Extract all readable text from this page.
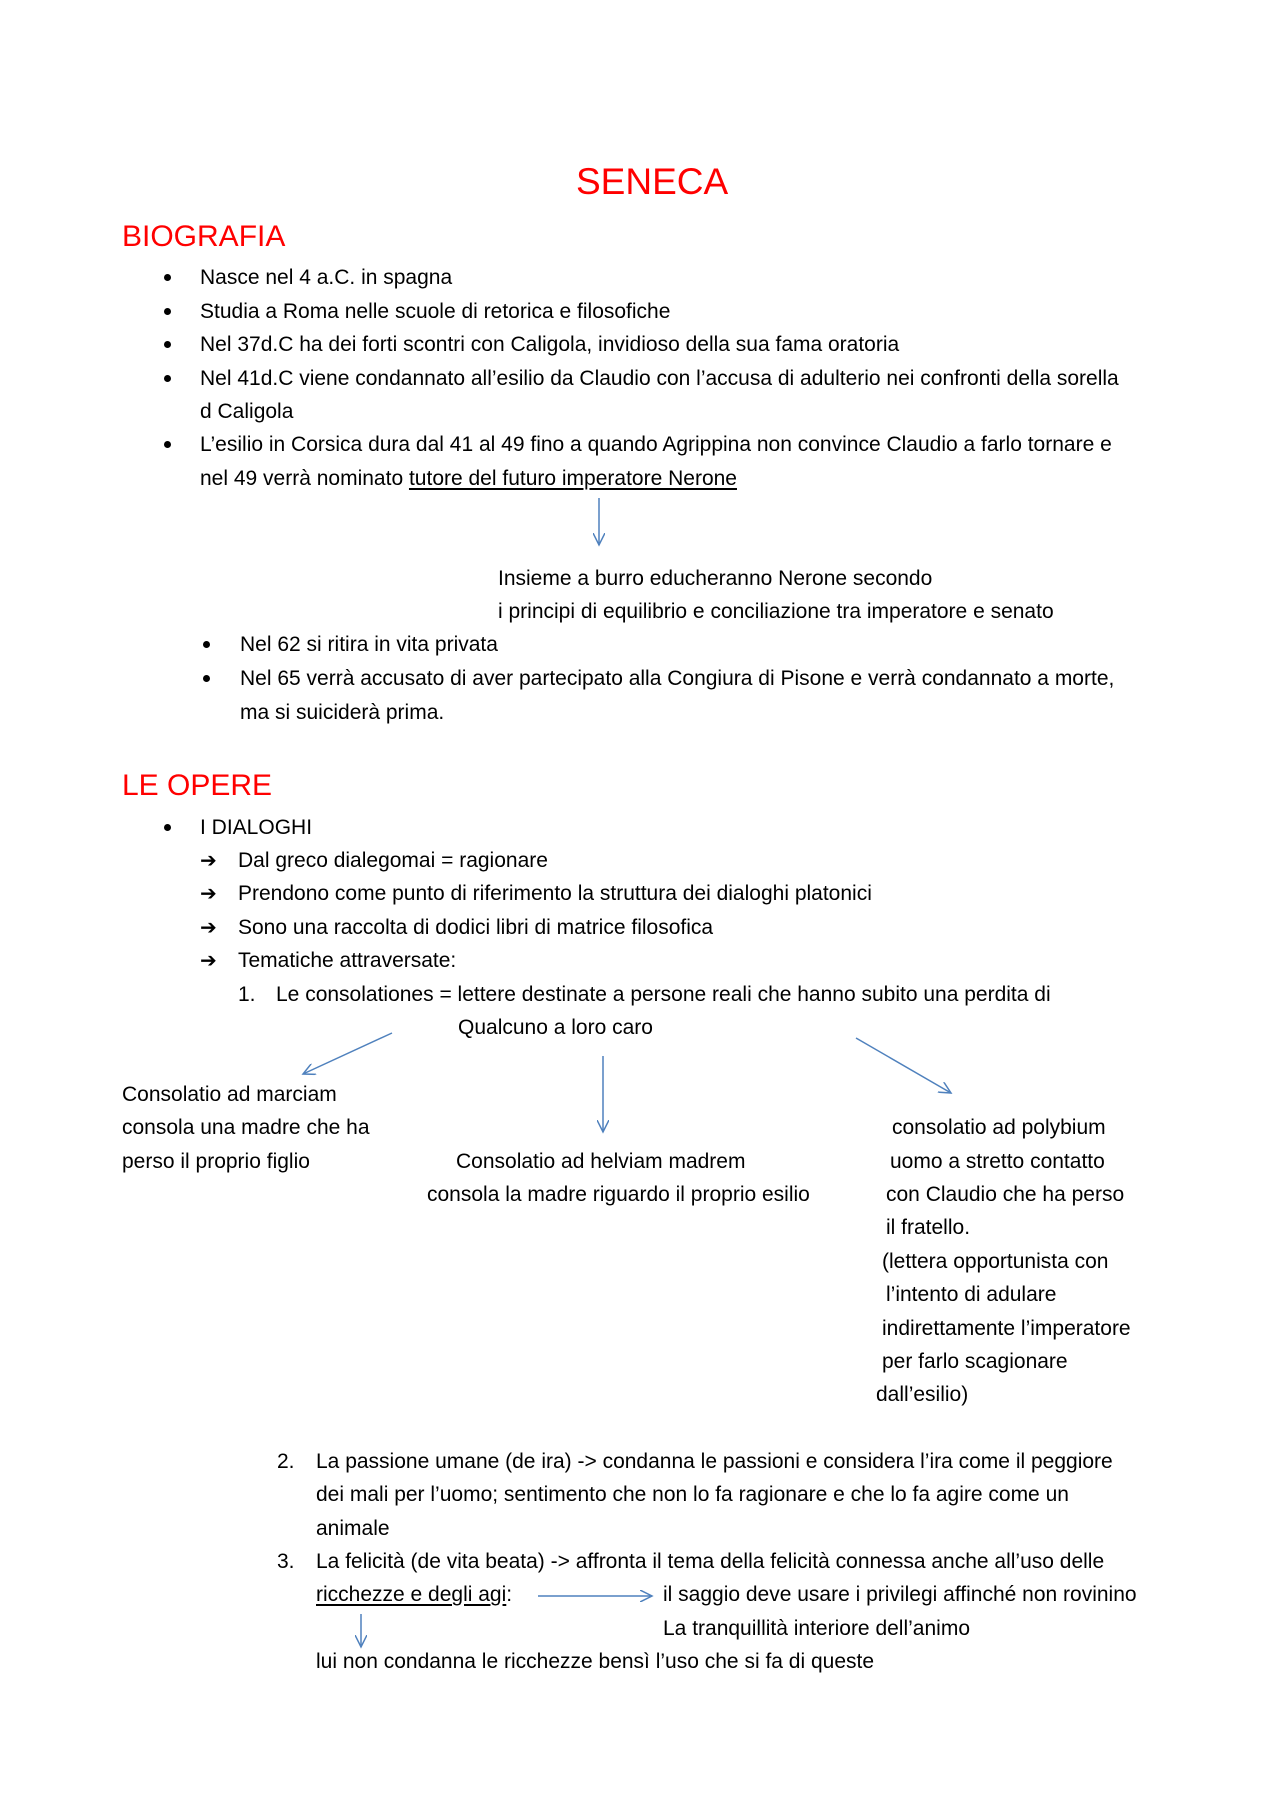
SENECA
BIOGRAFIA
Nasce nel 4 a.C. in spagna
Studia a Roma nelle scuole di retorica e filosofiche
Nel 37d.C ha dei forti scontri con Caligola, invidioso della sua fama oratoria
Nel 41d.C viene condannato all’esilio da Claudio con l’accusa di adulterio nei confronti della sorella
d Caligola
L’esilio in Corsica dura dal 41 al 49 fino a quando Agrippina non convince Claudio a farlo tornare e
nel 49 verrà nominato tutore del futuro imperatore Nerone
Insieme a burro educheranno Nerone secondo
i principi di equilibrio e conciliazione tra imperatore e senato
Nel 62 si ritira in vita privata
Nel 65 verrà accusato di aver partecipato alla Congiura di Pisone e verrà condannato a morte,
ma si suiciderà prima.
LE OPERE
I DIALOGHI
➔ Dal greco dialegomai = ragionare
➔ Prendono come punto di riferimento la struttura dei dialoghi platonici
➔ Sono una raccolta di dodici libri di matrice filosofica
➔ Tematiche attraversate:
1. Le consolationes = lettere destinate a persone reali che hanno subito una perdita di
Qualcuno a loro caro
Consolatio ad marciam
consola una madre che ha
perso il proprio figlio	Consolatio ad helviam madrem
consola la madre riguardo il proprio esilio
consolatio ad polybium
uomo a stretto contatto
con Claudio che ha perso
il fratello.
(lettera opportunista con
l’intento di adulare
indirettamente l’imperatore
per farlo scagionare
dall’esilio)
2. La passione umane (de ira) -> condanna le passioni e considera l’ira come il peggiore
dei mali per l’uomo; sentimento che non lo fa ragionare e che lo fa agire come un
animale
3. La felicità (de vita beata) -> affronta il tema della felicità connessa anche all’uso delle
ricchezze e degli agi:	il saggio deve usare i privilegi affinché non rovinino
La tranquillità interiore dell’animo
lui non condanna le ricchezze bensì l’uso che si fa di queste
